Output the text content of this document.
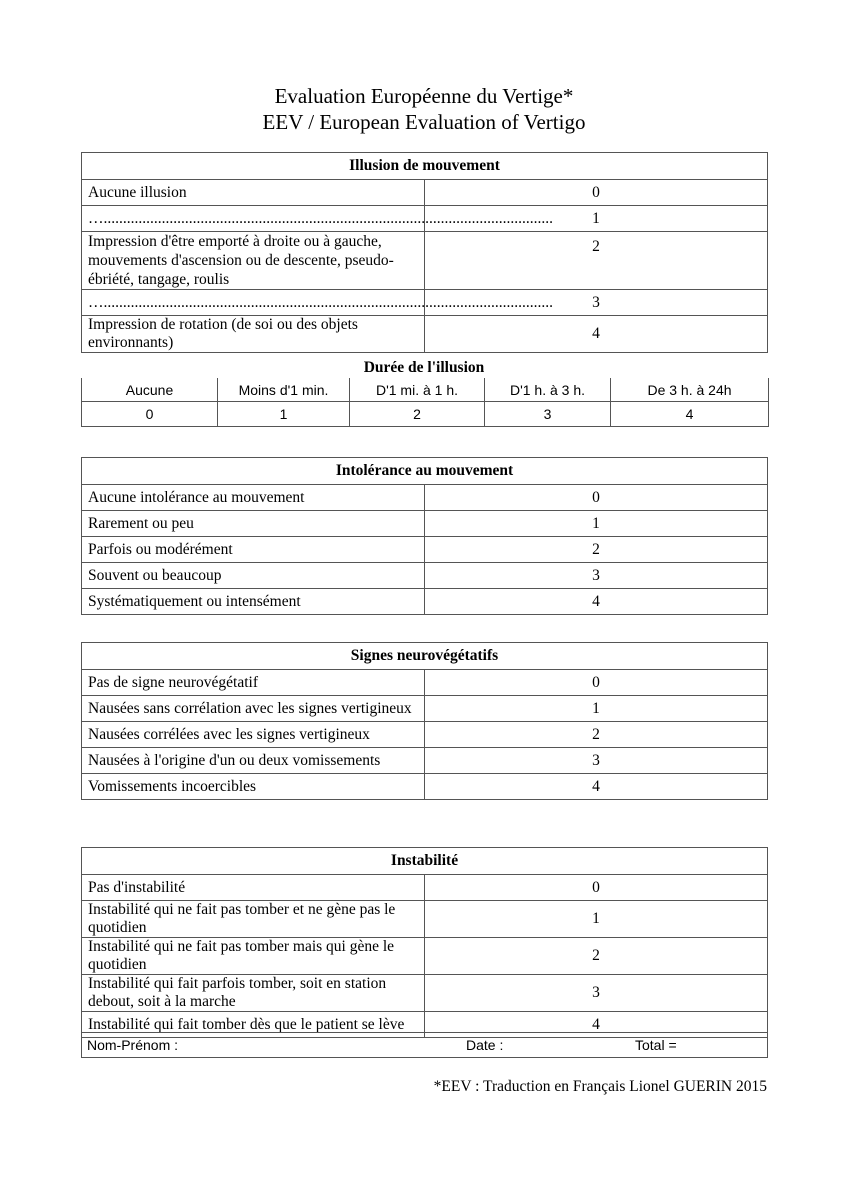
Evaluation Européenne du Vertige*
EEV / European Evaluation of Vertigo
Illusion de mouvement	
Aucune illusion	0
…....................................................................................................................	1
Impression d'être emporté à droite ou à gauche, mouvements d'ascension ou de descente, pseudo-ébriété, tangage, roulis	2
…....................................................................................................................	3
Impression de rotation (de soi ou des objets environnants)	4
Durée de l'illusion
Aucune	Moins d'1 min.	D'1 mi. à 1 h.	D'1 h. à 3 h.	De 3 h. à 24h
0	1	2	3	4
Intolérance au mouvement	
Aucune intolérance au mouvement	0
Rarement ou peu	1
Parfois ou modérément	2
Souvent ou beaucoup	3
Systématiquement ou intensément	4
Signes neurovégétatifs	
Pas de signe neurovégétatif	0
Nausées sans corrélation avec les signes vertigineux	1
Nausées corrélées avec les signes vertigineux	2
Nausées à l'origine d'un ou deux vomissements	3
Vomissements incoercibles	4
Instabilité	
Pas d'instabilité	0
Instabilité qui ne fait pas tomber et ne gène pas le quotidien	1
Instabilité qui ne fait pas tomber mais qui gène le quotidien	2
Instabilité qui fait parfois tomber, soit en station debout, soit à la marche	3
Instabilité qui fait tomber dès que le patient se lève	4
Nom-Prénom :	Date :	Total =
*EEV : Traduction en Français Lionel GUERIN 2015
